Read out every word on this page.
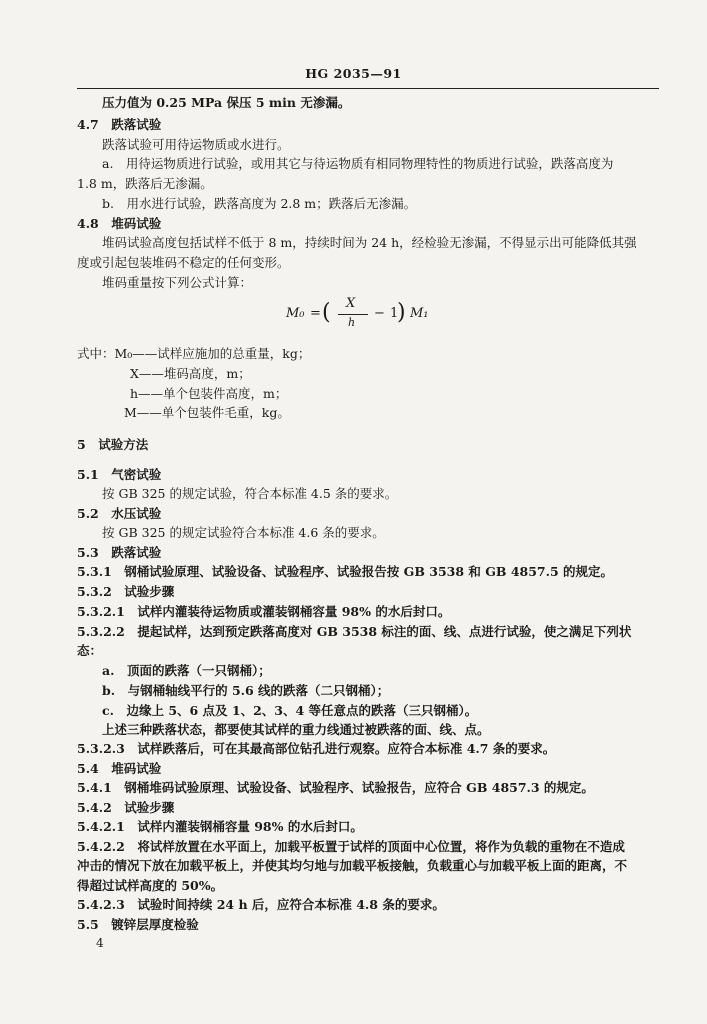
HG 2035—91
压力值为 0.25 MPa 保压 5 min 无渗漏。
4.7　跌落试验
跌落试验可用待运物质或水进行。
a.　用待运物质进行试验，或用其它与待运物质有相同物理特性的物质进行试验，跌落高度为
1.8 m，跌落后无渗漏。
b.　用水进行试验，跌落高度为 2.8 m；跌落后无渗漏。
4.8　堆码试验
堆码试验高度包括试样不低于 8 m，持续时间为 24 h，经检验无渗漏，不得显示出可能降低其强
度或引起包装堆码不稳定的任何变形。
堆码重量按下列公式计算：
M₀ = ( X
h
− 1
) M₁
式中：M₀——试样应施加的总重量，kg；
X——堆码高度，m；
h——单个包装件高度，m；
M——单个包装件毛重，kg。
5　试验方法
5.1　气密试验
按 GB 325 的规定试验，符合本标准 4.5 条的要求。
5.2　水压试验
按 GB 325 的规定试验符合本标准 4.6 条的要求。
5.3　跌落试验
5.3.1　钢桶试验原理、试验设备、试验程序、试验报告按 GB 3538 和 GB 4857.5 的规定。
5.3.2　试验步骤
5.3.2.1　试样内灌装待运物质或灌装钢桶容量 98% 的水后封口。
5.3.2.2　提起试样，达到预定跌落高度对 GB 3538 标注的面、线、点进行试验，使之满足下列状
态：
a.　顶面的跌落（一只钢桶）；
b.　与钢桶轴线平行的 5.6 线的跌落（二只钢桶）；
c.　边缘上 5、6 点及 1、2、3、4 等任意点的跌落（三只钢桶）。
上述三种跌落状态，都要使其试样的重力线通过被跌落的面、线、点。
5.3.2.3　试样跌落后，可在其最高部位钻孔进行观察。应符合本标准 4.7 条的要求。
5.4　堆码试验
5.4.1　钢桶堆码试验原理、试验设备、试验程序、试验报告，应符合 GB 4857.3 的规定。
5.4.2　试验步骤
5.4.2.1　试样内灌装钢桶容量 98% 的水后封口。
5.4.2.2　将试样放置在水平面上，加载平板置于试样的顶面中心位置，将作为负载的重物在不造成
冲击的情况下放在加载平板上，并使其均匀地与加载平板接触，负载重心与加载平板上面的距离，不
得超过试样高度的 50%。
5.4.2.3　试验时间持续 24 h 后，应符合本标准 4.8 条的要求。
5.5　镀锌层厚度检验
4
